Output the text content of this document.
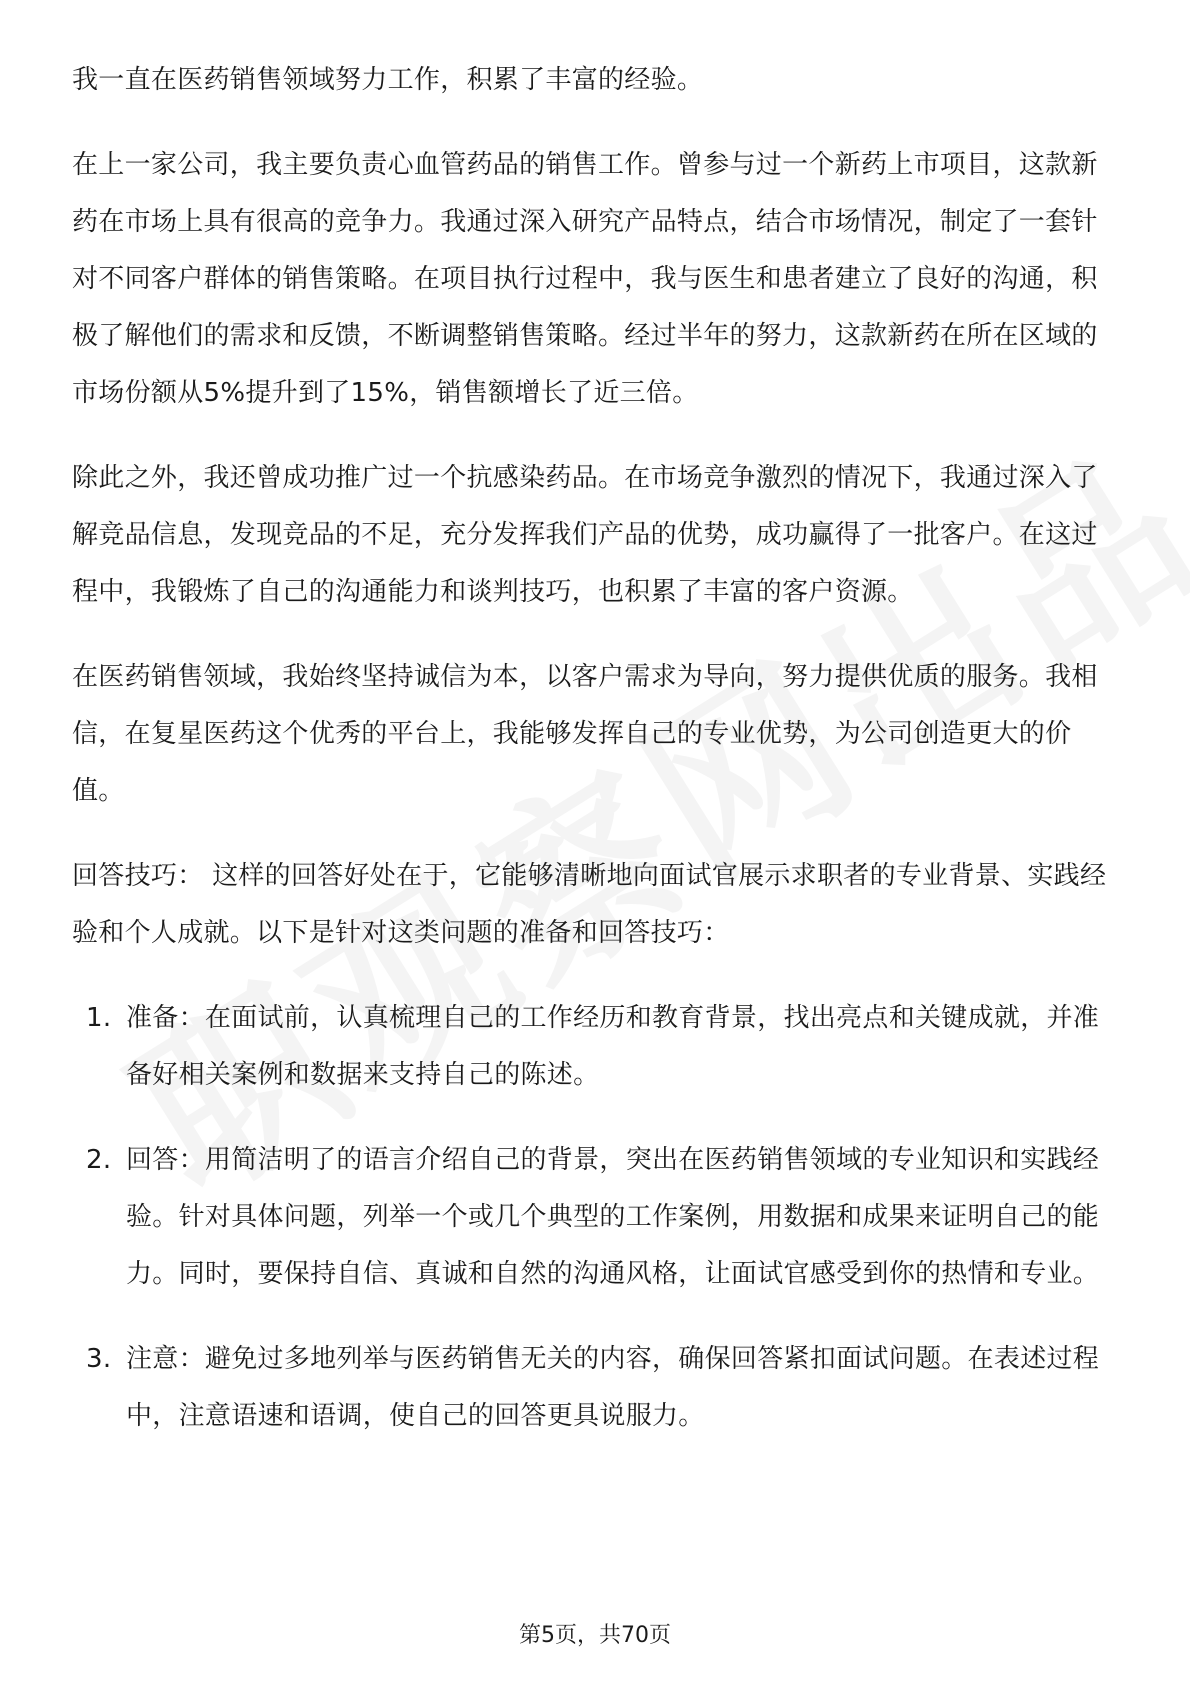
我一直在医药销售领域努力工作，积累了丰富的经验。

在上一家公司，我主要负责心血管药品的销售工作。曾参与过一个新药上市项目，这款新药在市场上具有很高的竞争力。我通过深入研究产品特点，结合市场情况，制定了一套针对不同客户群体的销售策略。在项目执行过程中，我与医生和患者建立了良好的沟通，积极了解他们的需求和反馈，不断调整销售策略。经过半年的努力，这款新药在所在区域的市场份额从5%提升到了15%，销售额增长了近三倍。

除此之外，我还曾成功推广过一个抗感染药品。在市场竞争激烈的情况下，我通过深入了解竞品信息，发现竞品的不足，充分发挥我们产品的优势，成功赢得了一批客户。在这过程中，我锻炼了自己的沟通能力和谈判技巧，也积累了丰富的客户资源。

在医药销售领域，我始终坚持诚信为本，以客户需求为导向，努力提供优质的服务。我相信，在复星医药这个优秀的平台上，我能够发挥自己的专业优势，为公司创造更大的价值。

回答技巧： 这样的回答好处在于，它能够清晰地向面试官展示求职者的专业背景、实践经验和个人成就。以下是针对这类问题的准备和回答技巧：

1. 准备：在面试前，认真梳理自己的工作经历和教育背景，找出亮点和关键成就，并准备好相关案例和数据来支持自己的陈述。
2. 回答：用简洁明了的语言介绍自己的背景，突出在医药销售领域的专业知识和实践经验。针对具体问题，列举一个或几个典型的工作案例，用数据和成果来证明自己的能力。同时，要保持自信、真诚和自然的沟通风格，让面试官感受到你的热情和专业。
3. 注意：避免过多地列举与医药销售无关的内容，确保回答紧扣面试问题。在表述过程中，注意语速和语调，使自己的回答更具说服力。
第5页，共70页
